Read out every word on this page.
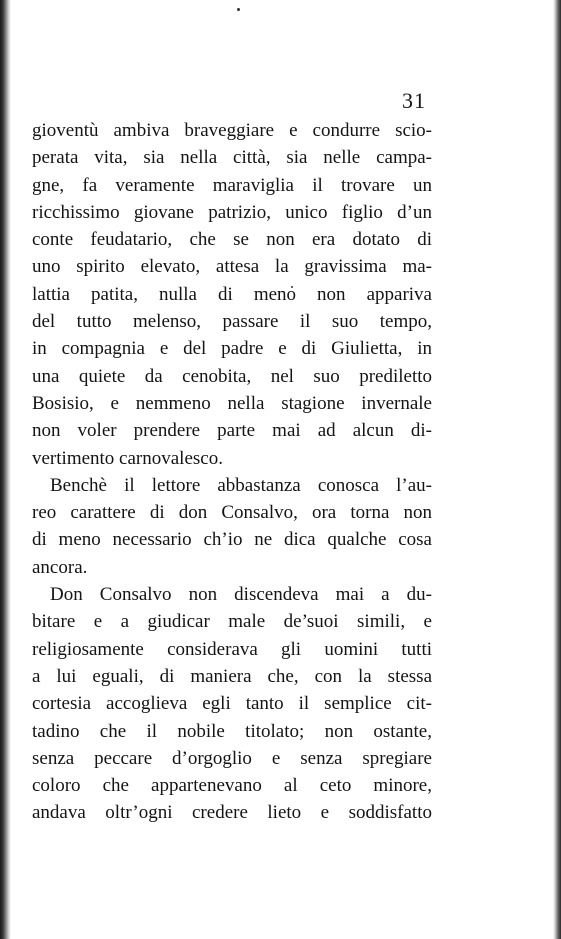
31
gioventù ambiva braveggiare e condurre scio-
perata vita, sia nella città, sia nelle campa-
gne, fa veramente maraviglia il trovare un
ricchissimo giovane patrizio, unico figlio d’un
conte feudatario, che se non era dotato di
uno spirito elevato, attesa la gravissima ma-
lattia patita, nulla di meno non appariva
del tutto melenso, passare il suo tempo,
in compagnia e del padre e di Giulietta, in
una quiete da cenobita, nel suo prediletto
Bosisio, e nemmeno nella stagione invernale
non voler prendere parte mai ad alcun di-
vertimento carnovalesco.
Benchè il lettore abbastanza conosca l’au-
reo carattere di don Consalvo, ora torna non
di meno necessario ch’io ne dica qualche cosa
ancora.
Don Consalvo non discendeva mai a du-
bitare e a giudicar male de’suoi simili, e
religiosamente considerava gli uomini tutti
a lui eguali, di maniera che, con la stessa
cortesia accoglieva egli tanto il semplice cit-
tadino che il nobile titolato; non ostante,
senza peccare d’orgoglio e senza spregiare
coloro che appartenevano al ceto minore,
andava oltr’ogni credere lieto e soddisfatto
